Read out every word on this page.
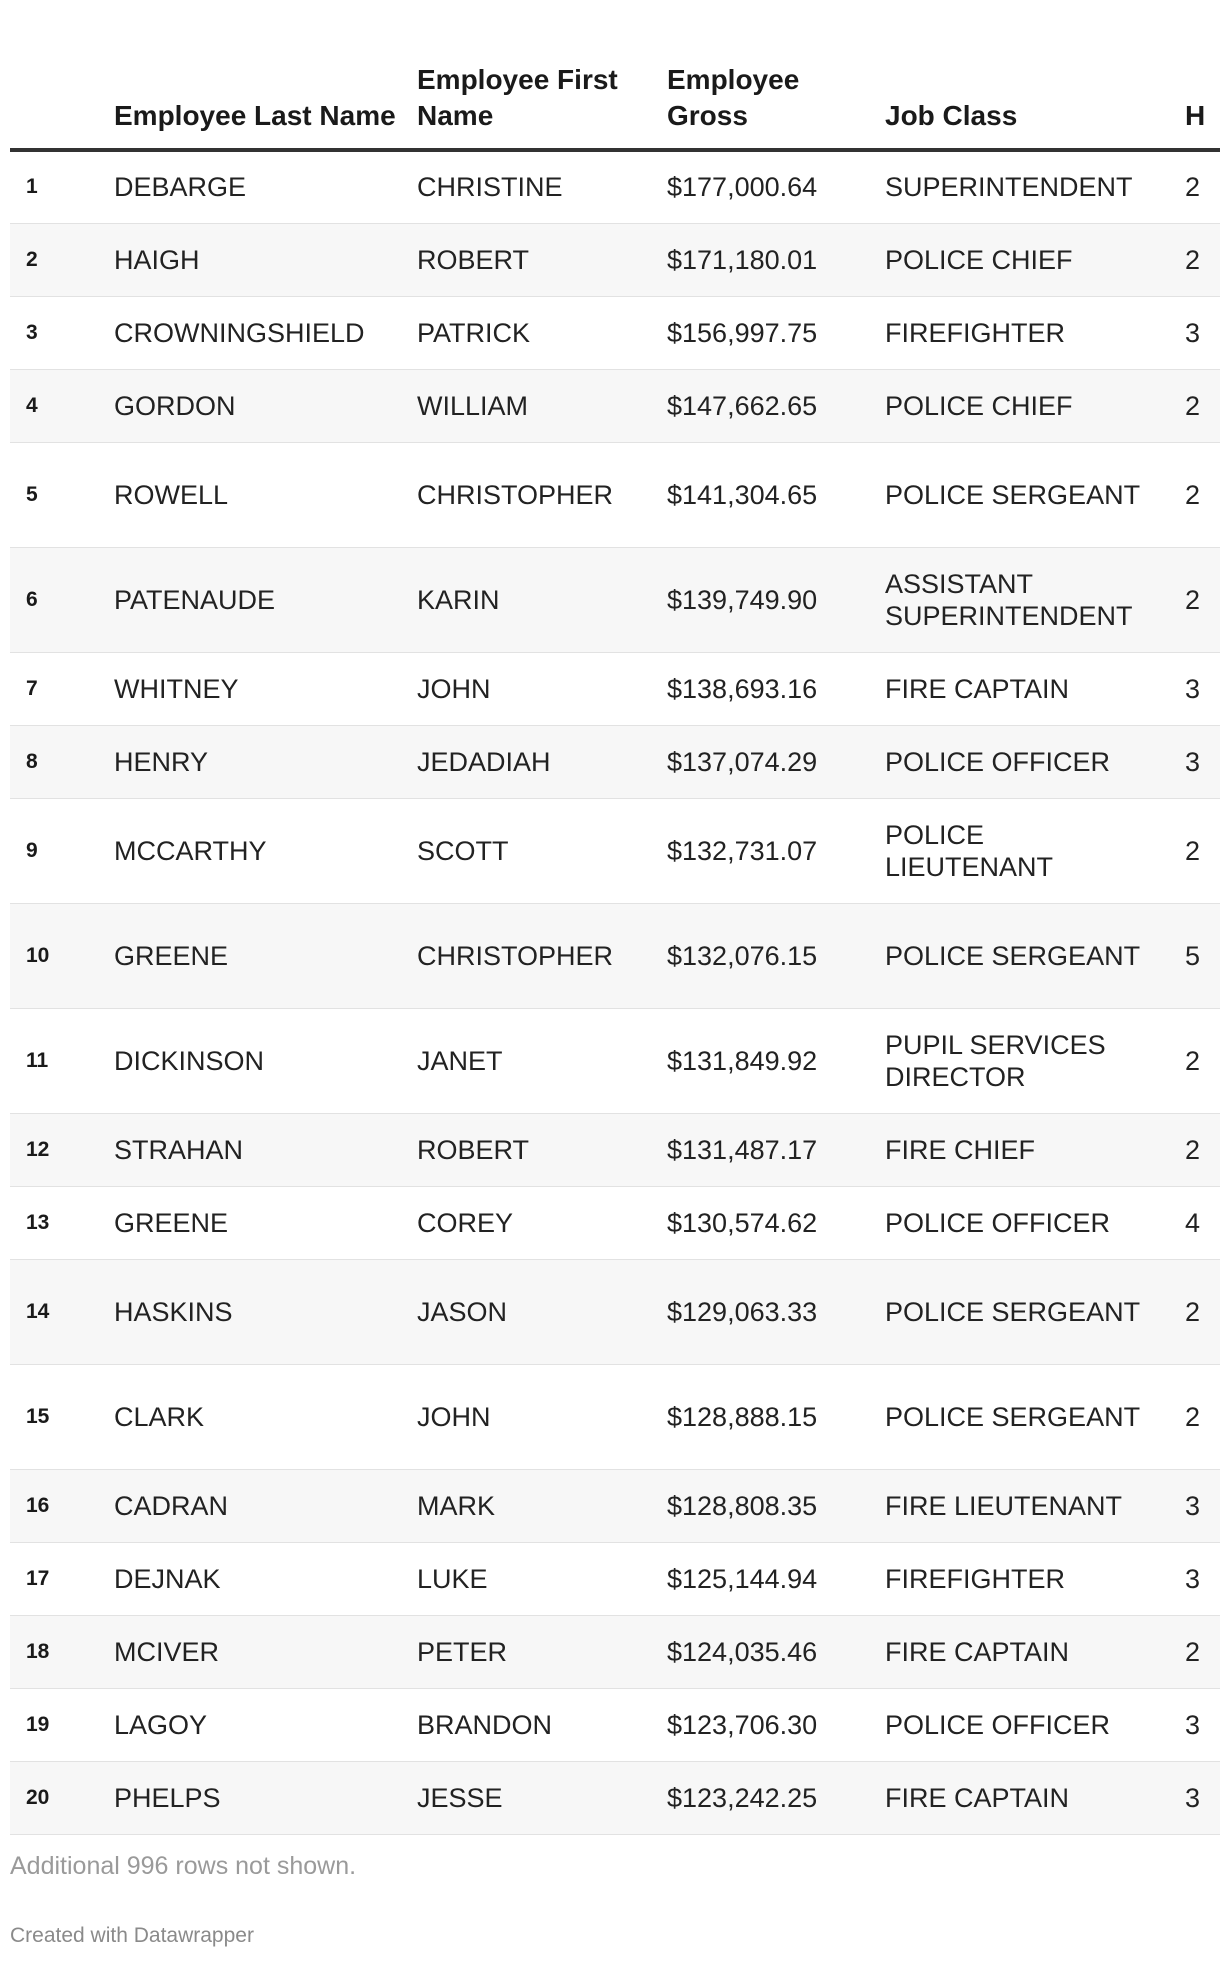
	Employee Last Name	Employee First Name	Employee Gross	Job Class	H
1	DEBARGE	CHRISTINE	$177,000.64	SUPERINTENDENT	2
2	HAIGH	ROBERT	$171,180.01	POLICE CHIEF	2
3	CROWNINGSHIELD	PATRICK	$156,997.75	FIREFIGHTER	3
4	GORDON	WILLIAM	$147,662.65	POLICE CHIEF	2
5	ROWELL	CHRISTOPHER	$141,304.65	POLICE SERGEANT	2
6	PATENAUDE	KARIN	$139,749.90	ASSISTANT SUPERINTENDENT	2
7	WHITNEY	JOHN	$138,693.16	FIRE CAPTAIN	3
8	HENRY	JEDADIAH	$137,074.29	POLICE OFFICER	3
9	MCCARTHY	SCOTT	$132,731.07	POLICE LIEUTENANT	2
10	GREENE	CHRISTOPHER	$132,076.15	POLICE SERGEANT	5
11	DICKINSON	JANET	$131,849.92	PUPIL SERVICES DIRECTOR	2
12	STRAHAN	ROBERT	$131,487.17	FIRE CHIEF	2
13	GREENE	COREY	$130,574.62	POLICE OFFICER	4
14	HASKINS	JASON	$129,063.33	POLICE SERGEANT	2
15	CLARK	JOHN	$128,888.15	POLICE SERGEANT	2
16	CADRAN	MARK	$128,808.35	FIRE LIEUTENANT	3
17	DEJNAK	LUKE	$125,144.94	FIREFIGHTER	3
18	MCIVER	PETER	$124,035.46	FIRE CAPTAIN	2
19	LAGOY	BRANDON	$123,706.30	POLICE OFFICER	3
20	PHELPS	JESSE	$123,242.25	FIRE CAPTAIN	3
Additional 996 rows not shown.
Created with Datawrapper
